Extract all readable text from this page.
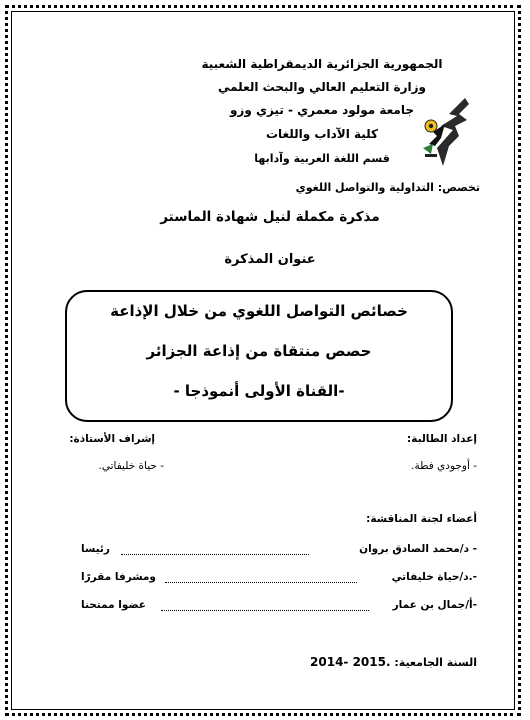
الجمهورية الجزائرية الديمقراطية الشعبية
وزارة التعليم العالي والبحث العلمي
جامعة مولود معمري - تيزي وزو
كلية الآداب واللغات
قسم اللغة العربية وآدابها
تخصص: التداولية والتواصل اللغوي
مذكرة مكملة لنيل شهادة الماستر
عنوان المذكرة
خصائص التواصل اللغوي من خلال الإذاعة
حصص منتقاة من إذاعة الجزائر
-القناة الأولى أنموذجا -
إعداد الطالبة:
- أوجودي فطة.
إشراف الأستاذة:
- حياة خليفاتي.
أعضاء لجنة المناقشة:
- د/محمد الصادق بروان
رئيسا
-.د/حياة خليفاتي
ومشرفا مقررًا
-أ/جمال بن عمار
عضوا ممتحنا
السنة الجامعية: 2014- 2015.
